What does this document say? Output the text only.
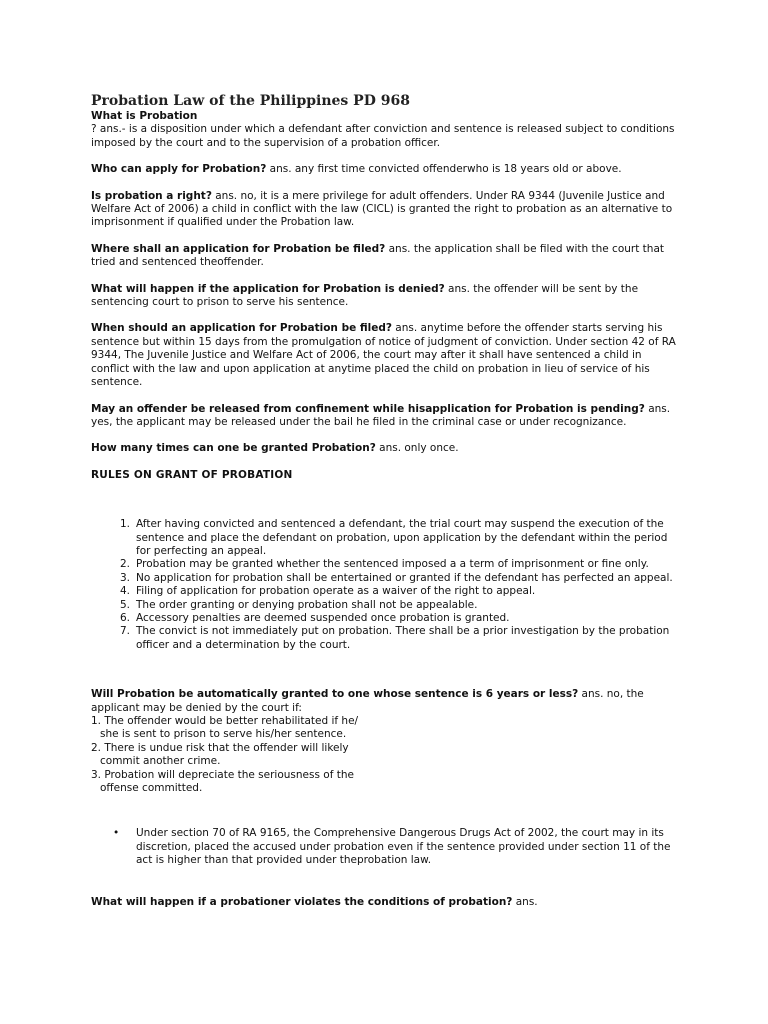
Probation Law of the Philippines PD 968

What is Probation

? ans.- is a disposition under which a defendant after conviction and sentence is released subject to conditions imposed by the court and to the supervision of a probation officer.

Who can apply for Probation? ans. any first time convicted offenderwho is 18 years old or above.

Is probation a right? ans. no, it is a mere privilege for adult offenders. Under RA 9344 (Juvenile Justice and Welfare Act of 2006) a child in conflict with the law (CICL) is granted the right to probation as an alternative to imprisonment if qualified under the Probation law.

Where shall an application for Probation be filed? ans. the application shall be filed with the court that tried and sentenced theoffender.

What will happen if the application for Probation is denied? ans. the offender will be sent by the sentencing court to prison to serve his sentence.

When should an application for Probation be filed? ans. anytime before the offender starts serving his sentence but within 15 days from the promulgation of notice of judgment of conviction. Under section 42 of RA 9344, The Juvenile Justice and Welfare Act of 2006, the court may after it shall have sentenced a child in conflict with the law and upon application at anytime placed the child on probation in lieu of service of his sentence.

May an offender be released from confinement while hisapplication for Probation is pending? ans. yes, the applicant may be released under the bail he filed in the criminal case or under recognizance.

How many times can one be granted Probation? ans. only once.

RULES ON GRANT OF PROBATION

1. After having convicted and sentenced a defendant, the trial court may suspend the execution of the sentence and place the defendant on probation, upon application by the defendant within the period for perfecting an appeal.
2. Probation may be granted whether the sentenced imposed a a term of imprisonment or fine only.
3. No application for probation shall be entertained or granted if the defendant has perfected an appeal.
4. Filing of application for probation operate as a waiver of the right to appeal.
5. The order granting or denying probation shall not be appealable.
6. Accessory penalties are deemed suspended once probation is granted.
7. The convict is not immediately put on probation. There shall be a prior investigation by the probation officer and a determination by the court.

Will Probation be automatically granted to one whose sentence is 6 years or less? ans. no, the applicant may be denied by the court if:

1. The offender would be better rehabilitated if he/ she is sent to prison to serve his/her sentence.

2. There is undue risk that the offender will likely commit another crime.

3. Probation will depreciate the seriousness of the offense committed.

• Under section 70 of RA 9165, the Comprehensive Dangerous Drugs Act of 2002, the court may in its discretion, placed the accused under probation even if the sentence provided under section 11 of the act is higher than that provided under theprobation law.

What will happen if a probationer violates the conditions of probation? ans.
